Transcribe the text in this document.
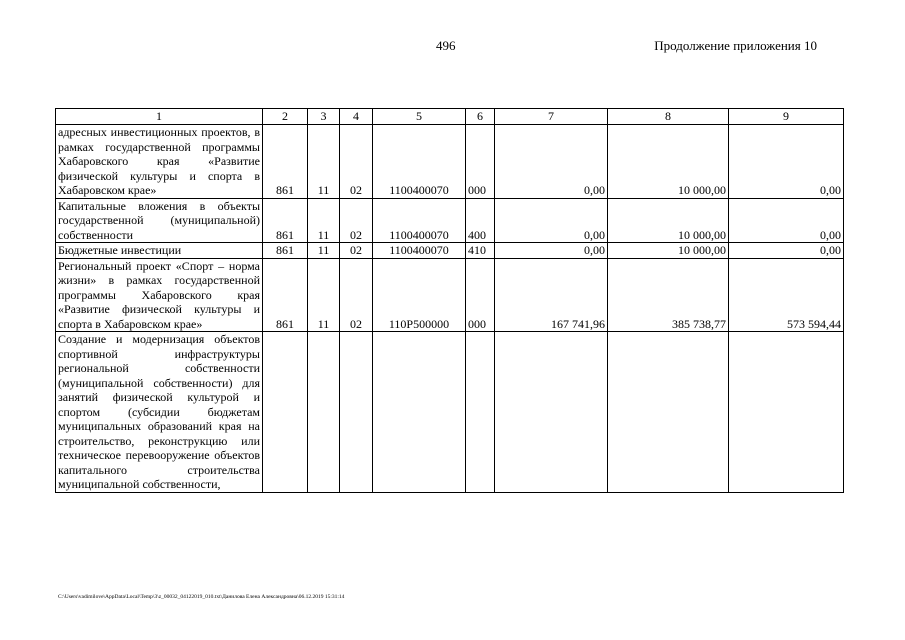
496	Продолжение приложения 10
1	2	3	4	5	6	7	8	9
адресных инвестиционных проектов, в рамках государственной программы Хабаровского края «Развитие физической культуры и спорта в Хабаровском крае»	861	11	02	1100400070	000	0,00	10 000,00	0,00
Капитальные вложения в объекты государственной (муниципальной) собственности	861	11	02	1100400070	400	0,00	10 000,00	0,00
Бюджетные инвестиции	861	11	02	1100400070	410	0,00	10 000,00	0,00
Региональный проект «Спорт – норма жизни» в рамках государственной программы Хабаровского края «Развитие физической культуры и спорта в Хабаровском крае»	861	11	02	110P500000	000	167 741,96	385 738,77	573 594,44
Создание и модернизация объектов спортивной инфраструктуры региональной собственности (муниципальной собственности) для занятий физической культурой и спортом (субсидии бюджетам муниципальных образований края на строительство, реконструкцию или техническое перевооружение объектов капитального строительства муниципальной собственности,								
C:\Users\vadimilove\AppData\Local\Temp\3\z_00032_04122019_010.txt\Данилова Елена Александровна\06.12.2019 15:31:14
